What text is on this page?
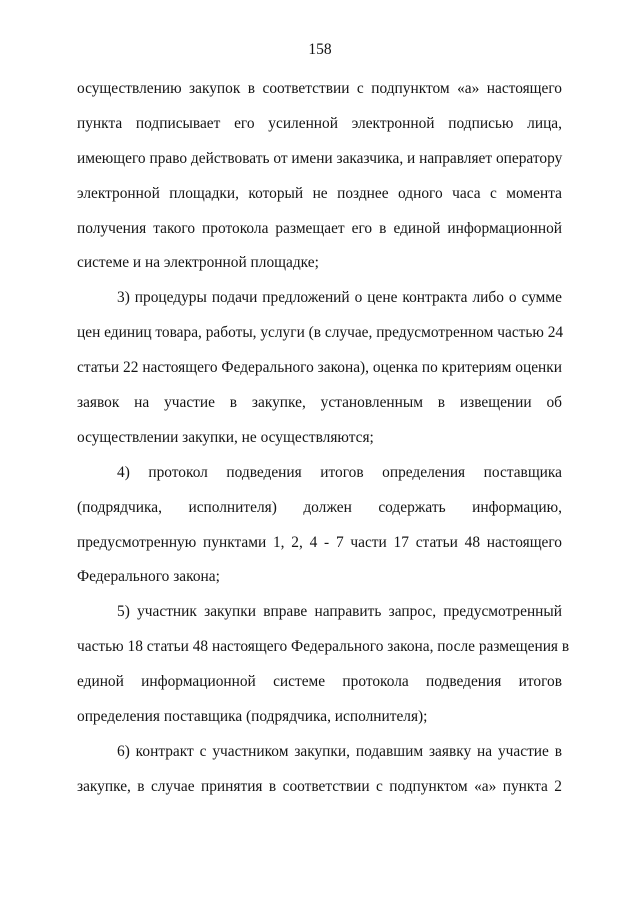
158
осуществлению закупок в соответствии с подпунктом «а» настоящего
пункта подписывает его усиленной электронной подписью лица,
имеющего право действовать от имени заказчика, и направляет оператору
электронной площадки, который не позднее одного часа с момента
получения такого протокола размещает его в единой информационной
системе и на электронной площадке;
3) процедуры подачи предложений о цене контракта либо о сумме
цен единиц товара, работы, услуги (в случае, предусмотренном частью 24
статьи 22 настоящего Федерального закона), оценка по критериям оценки
заявок на участие в закупке, установленным в извещении об
осуществлении закупки, не осуществляются;
4) протокол подведения итогов определения поставщика
(подрядчика, исполнителя) должен содержать информацию,
предусмотренную пунктами 1, 2, 4 - 7 части 17 статьи 48 настоящего
Федерального закона;
5) участник закупки вправе направить запрос, предусмотренный
частью 18 статьи 48 настоящего Федерального закона, после размещения в
единой информационной системе протокола подведения итогов
определения поставщика (подрядчика, исполнителя);
6) контракт с участником закупки, подавшим заявку на участие в
закупке, в случае принятия в соответствии с подпунктом «а» пункта 2
